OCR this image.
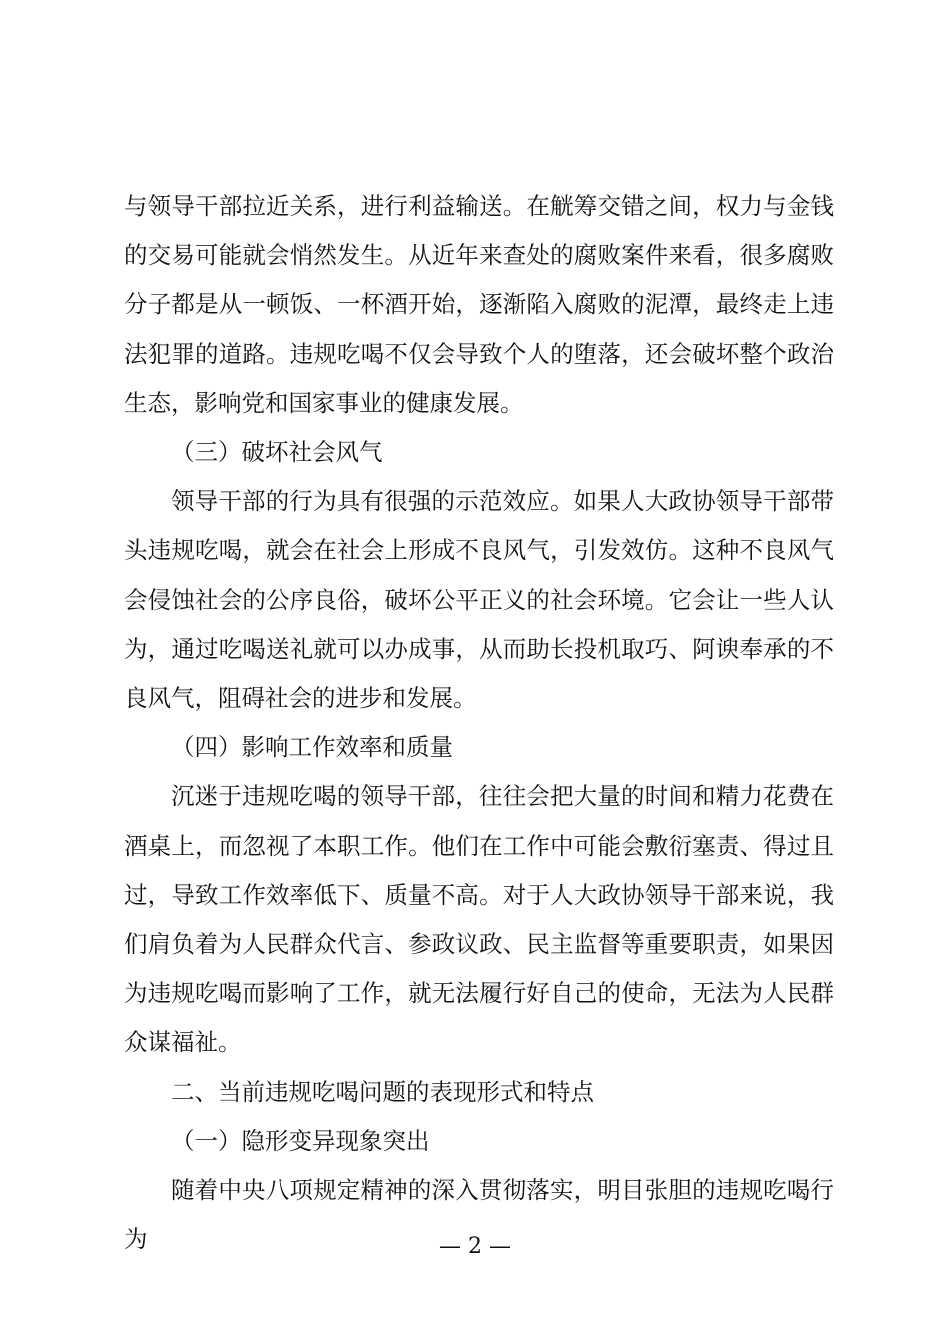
与领导干部拉近关系，进行利益输送。在觥筹交错之间，权力与金钱的交易可能就会悄然发生。从近年来查处的腐败案件来看，很多腐败分子都是从一顿饭、一杯酒开始，逐渐陷入腐败的泥潭，最终走上违法犯罪的道路。违规吃喝不仅会导致个人的堕落，还会破坏整个政治生态，影响党和国家事业的健康发展。

（三）破坏社会风气

领导干部的行为具有很强的示范效应。如果人大政协领导干部带头违规吃喝，就会在社会上形成不良风气，引发效仿。这种不良风气会侵蚀社会的公序良俗，破坏公平正义的社会环境。它会让一些人认为，通过吃喝送礼就可以办成事，从而助长投机取巧、阿谀奉承的不良风气，阻碍社会的进步和发展。

（四）影响工作效率和质量

沉迷于违规吃喝的领导干部，往往会把大量的时间和精力花费在酒桌上，而忽视了本职工作。他们在工作中可能会敷衍塞责、得过且过，导致工作效率低下、质量不高。对于人大政协领导干部来说，我们肩负着为人民群众代言、参政议政、民主监督等重要职责，如果因为违规吃喝而影响了工作，就无法履行好自己的使命，无法为人民群众谋福祉。

二、当前违规吃喝问题的表现形式和特点

（一）隐形变异现象突出

随着中央八项规定精神的深入贯彻落实，明目张胆的违规吃喝行为	— 2 —
